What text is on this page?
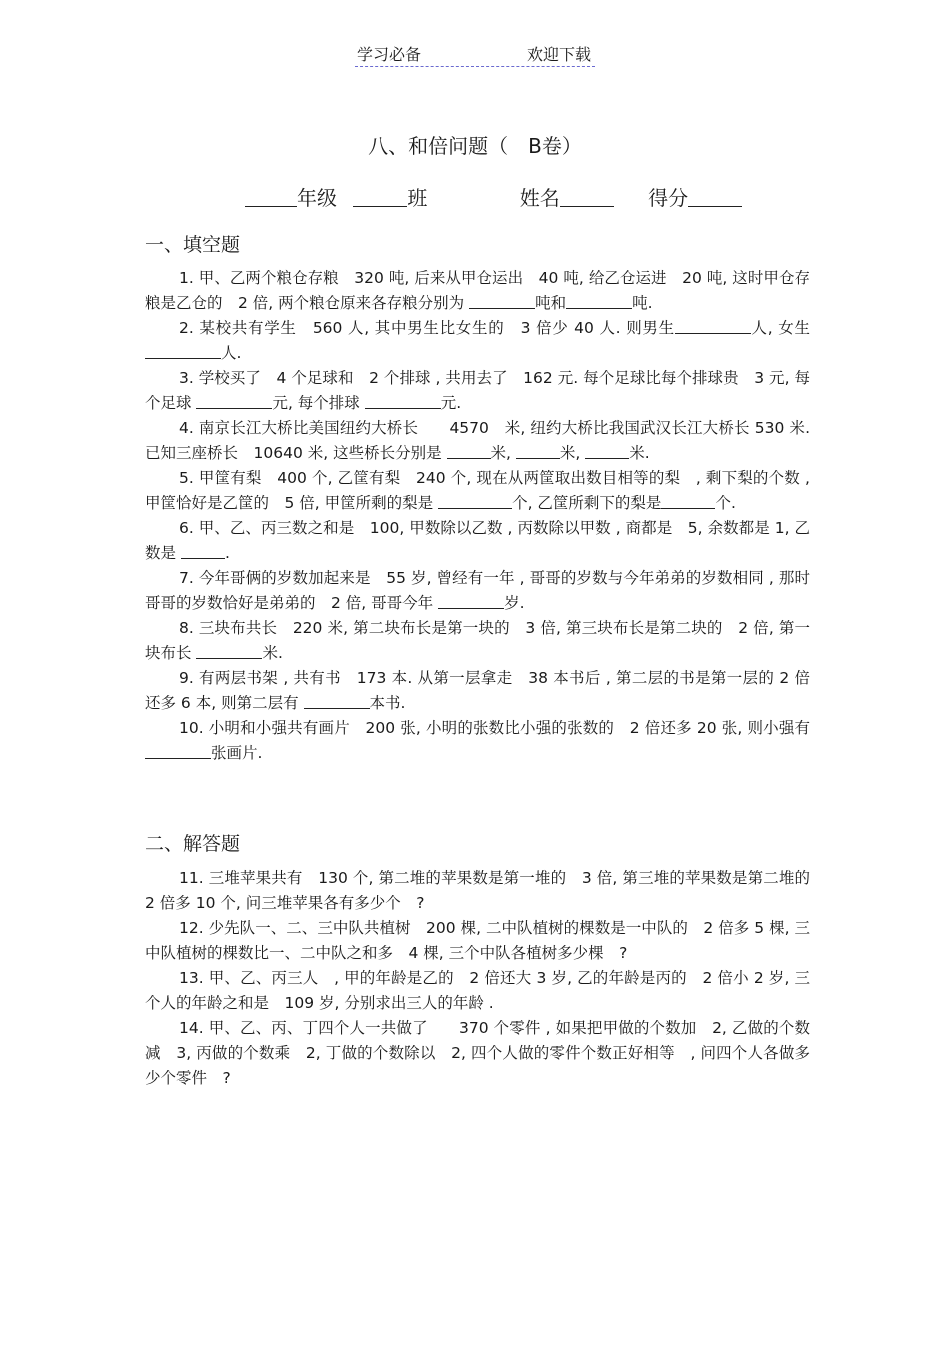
学习必备	欢迎下载
八、和倍问题（　B卷）
年级	班	姓名	得分
一、填空题

1. 甲、乙两个粮仓存粮　320 吨, 后来从甲仓运出　40 吨, 给乙仓运进　20 吨, 这时甲仓存粮是乙仓的　2 倍, 两个粮仓原来各存粮分别为	吨和	吨.

2. 某校共有学生　560 人, 其中男生比女生的　3 倍少 40 人. 则男生	人, 女生 人.

3. 学校买了　4 个足球和　2 个排球 , 共用去了　162 元. 每个足球比每个排球贵　3 元, 每个足球	元, 每个排球	元.

4. 南京长江大桥比美国纽约大桥长　　4570　米, 纽约大桥比我国武汉长江大桥长 530 米. 已知三座桥长　10640 米, 这些桥长分别是	米,	米,	米.

5. 甲筐有梨　400 个, 乙筐有梨　240 个, 现在从两筐取出数目相等的梨　, 剩下梨的个数 , 甲筐恰好是乙筐的　5 倍, 甲筐所剩的梨是	个, 乙筐所剩下的梨是	个.

6. 甲、乙、丙三数之和是　100, 甲数除以乙数 , 丙数除以甲数 , 商都是　5, 余数都是 1, 乙数是	.

7. 今年哥俩的岁数加起来是　55 岁, 曾经有一年 , 哥哥的岁数与今年弟弟的岁数相同 , 那时哥哥的岁数恰好是弟弟的　2 倍, 哥哥今年	岁.

8. 三块布共长　220 米, 第二块布长是第一块的　3 倍, 第三块布长是第二块的　2 倍, 第一块布长	米.

9. 有两层书架 , 共有书　173 本. 从第一层拿走　38 本书后 , 第二层的书是第一层的 2 倍还多 6 本, 则第二层有	本书.

10. 小明和小强共有画片　200 张, 小明的张数比小强的张数的　2 倍还多 20 张, 则小强有 张画片.

二、解答题

11. 三堆苹果共有　130 个, 第二堆的苹果数是第一堆的　3 倍, 第三堆的苹果数是第二堆的　2 倍多 10 个, 问三堆苹果各有多少个　?

12. 少先队一、二、三中队共植树　200 棵, 二中队植树的棵数是一中队的　2 倍多 5 棵, 三中队植树的棵数比一、二中队之和多　4 棵, 三个中队各植树多少棵　?

13. 甲、乙、丙三人　, 甲的年龄是乙的　2 倍还大 3 岁, 乙的年龄是丙的　2 倍小 2 岁, 三个人的年龄之和是　109 岁, 分别求出三人的年龄 .

14. 甲、乙、丙、丁四个人一共做了　　370 个零件 , 如果把甲做的个数加　2, 乙做的个数减　3, 丙做的个数乘　2, 丁做的个数除以　2, 四个人做的零件个数正好相等　, 问四个人各做多少个零件　?
